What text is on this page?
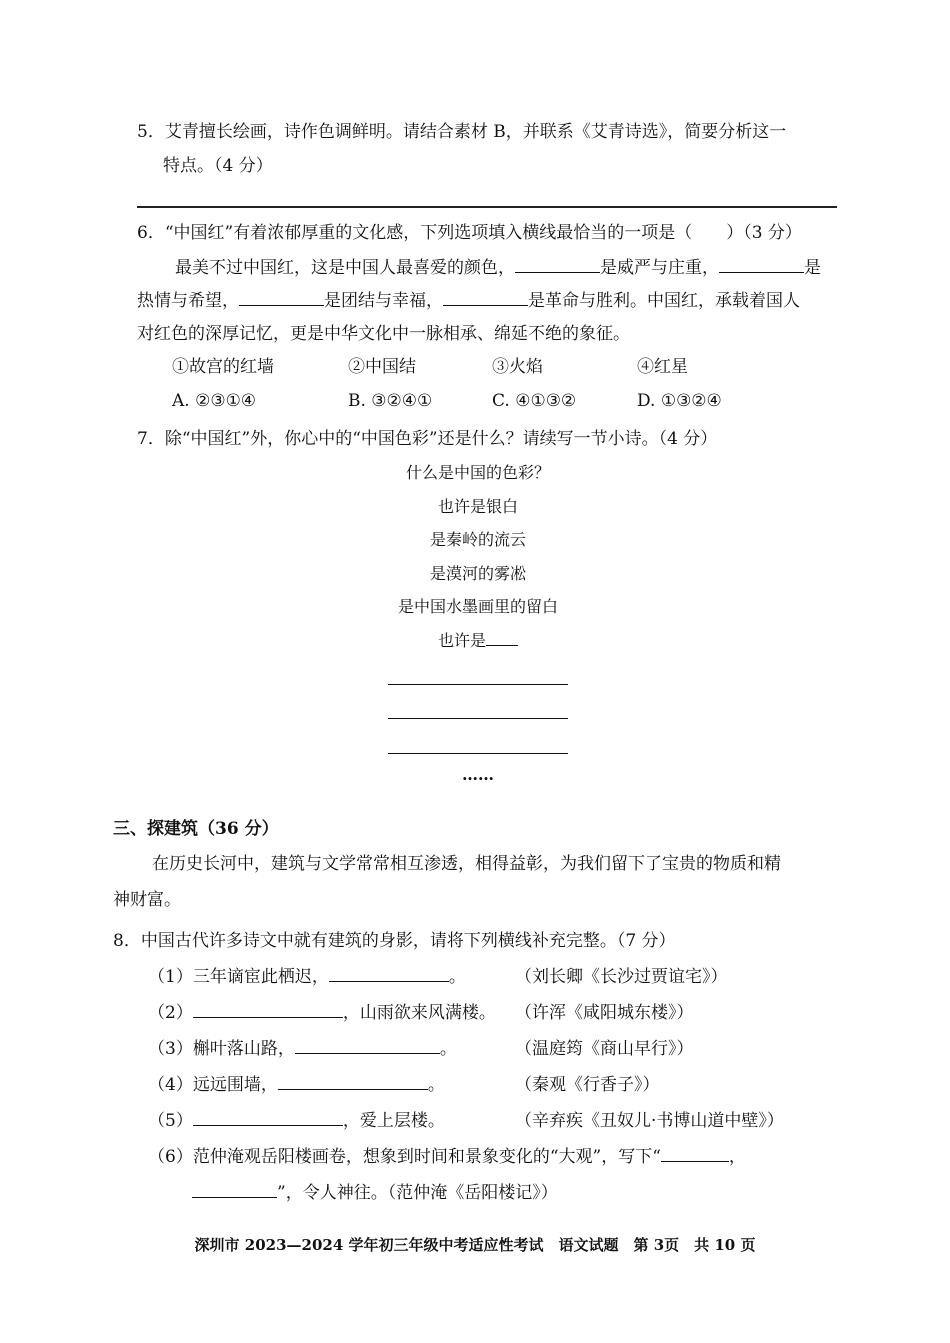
5．艾青擅长绘画，诗作色调鲜明。请结合素材 B，并联系《艾青诗选》，简要分析这一
特点。（4 分）
6．“中国红”有着浓郁厚重的文化感，下列选项填入横线最恰当的一项是（　　）（3 分）
最美不过中国红，这是中国人最喜爱的颜色，	是威严与庄重，	是
热情与希望，	是团结与幸福，	是革命与胜利。中国红，承载着国人
对红色的深厚记忆，更是中华文化中一脉相承、绵延不绝的象征。
①故宫的红墙	②中国结	③火焰	④红星
A. ②③①④	B. ③②④①	C. ④①③②	D. ①③②④
7．除“中国红”外，你心中的“中国色彩”还是什么？请续写一节小诗。（4 分）
什么是中国的色彩？
也许是银白
是秦岭的流云
是漠河的雾凇
是中国水墨画里的留白
也许是
……
三、探建筑（36 分）
在历史长河中，建筑与文学常常相互渗透，相得益彰，为我们留下了宝贵的物质和精
神财富。
8．中国古代许多诗文中就有建筑的身影，请将下列横线补充完整。（7 分）
（1）三年谪宦此栖迟，	。	（刘长卿《长沙过贾谊宅》）
（2）	，山雨欲来风满楼。 （许浑《咸阳城东楼》）
（3）槲叶落山路，	。	（温庭筠《商山早行》）
（4）远远围墙，	。	（秦观《行香子》）
（5）	，爱上层楼。	（辛弃疾《丑奴儿·书博山道中壁》）
（6）范仲淹观岳阳楼画卷，想象到时间和景象变化的“大观”，写下“	，
”，令人神往。（范仲淹《岳阳楼记》）
深圳市 2023—2024 学年初三年级中考适应性考试　语文试题　第 3页　共 10 页
